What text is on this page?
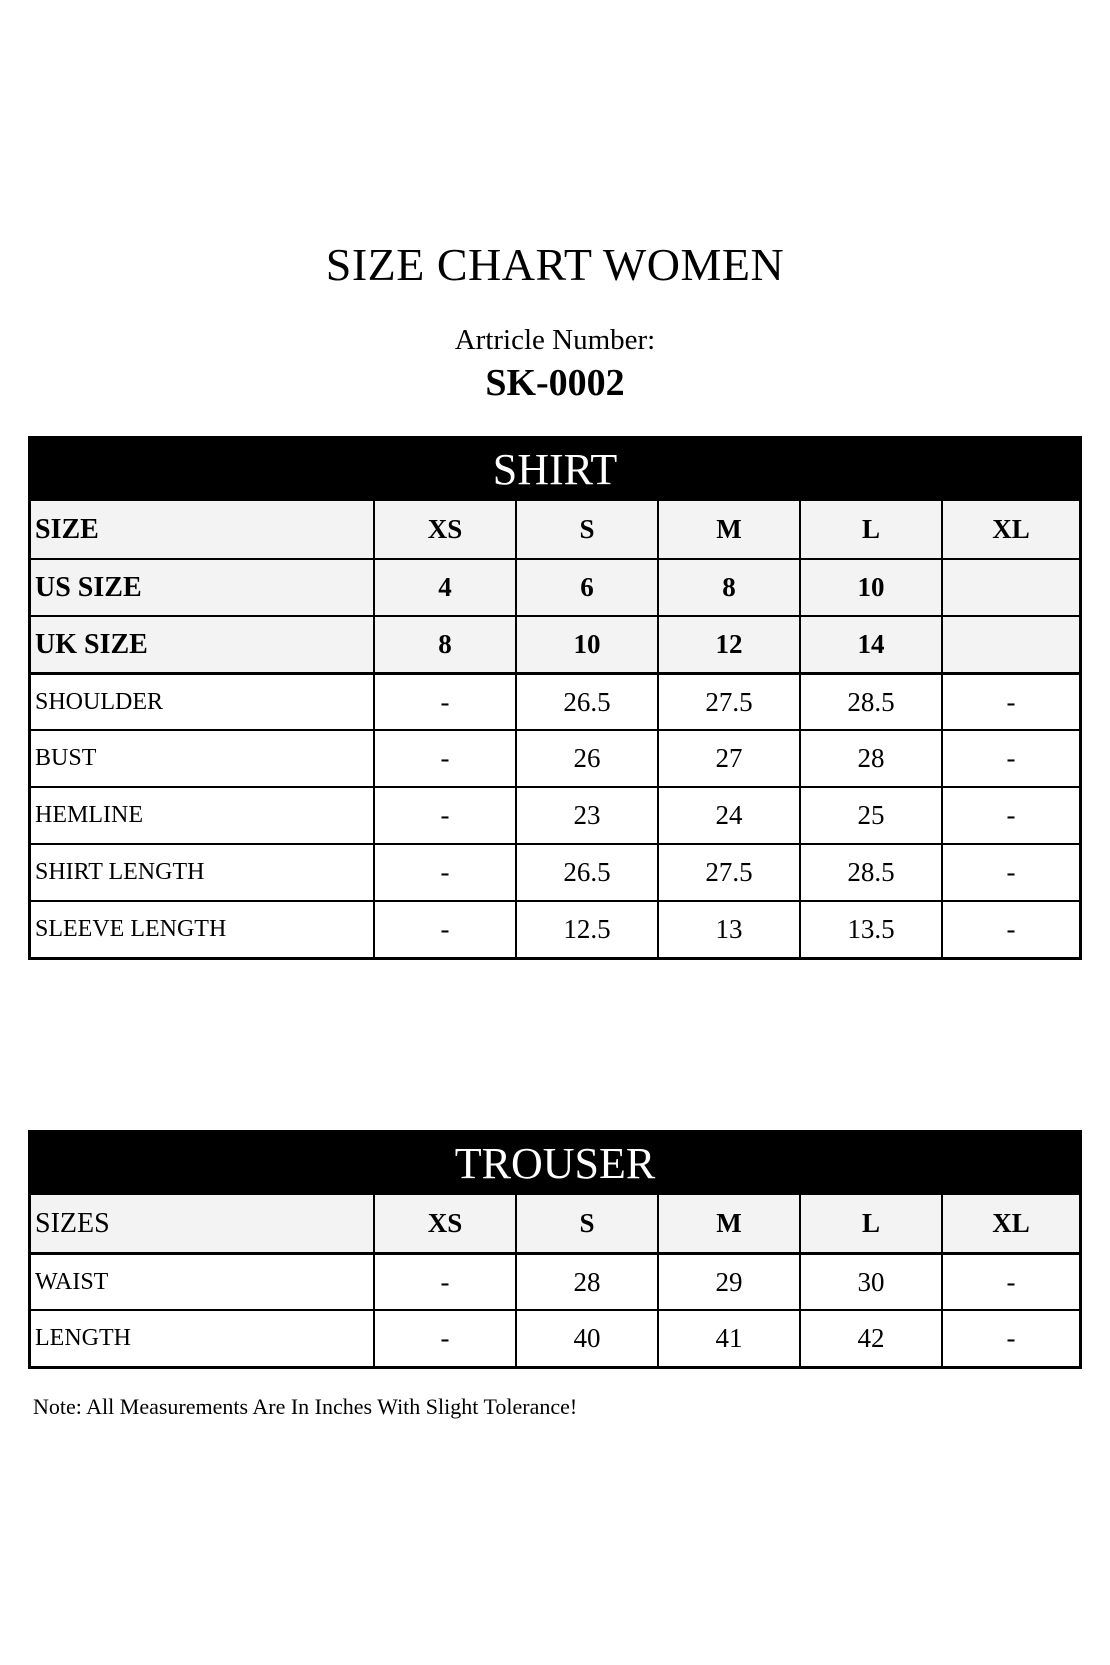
SIZE CHART WOMEN
Artricle Number:
SK-0002
SHIRT
SIZE	XS	S	M	L	XL
US SIZE	4	6	8	10
UK SIZE	8	10	12	14
SHOULDER	-	26.5	27.5	28.5	-
BUST	-	26	27	28	-
HEMLINE	-	23	24	25	-
SHIRT LENGTH	-	26.5	27.5	28.5	-
SLEEVE LENGTH	-	12.5	13	13.5	-
TROUSER
SIZES	XS	S	M	L	XL
WAIST	-	28	29	30	-
LENGTH	-	40	41	42	-
Note: All Measurements Are In Inches With Slight Tolerance!
